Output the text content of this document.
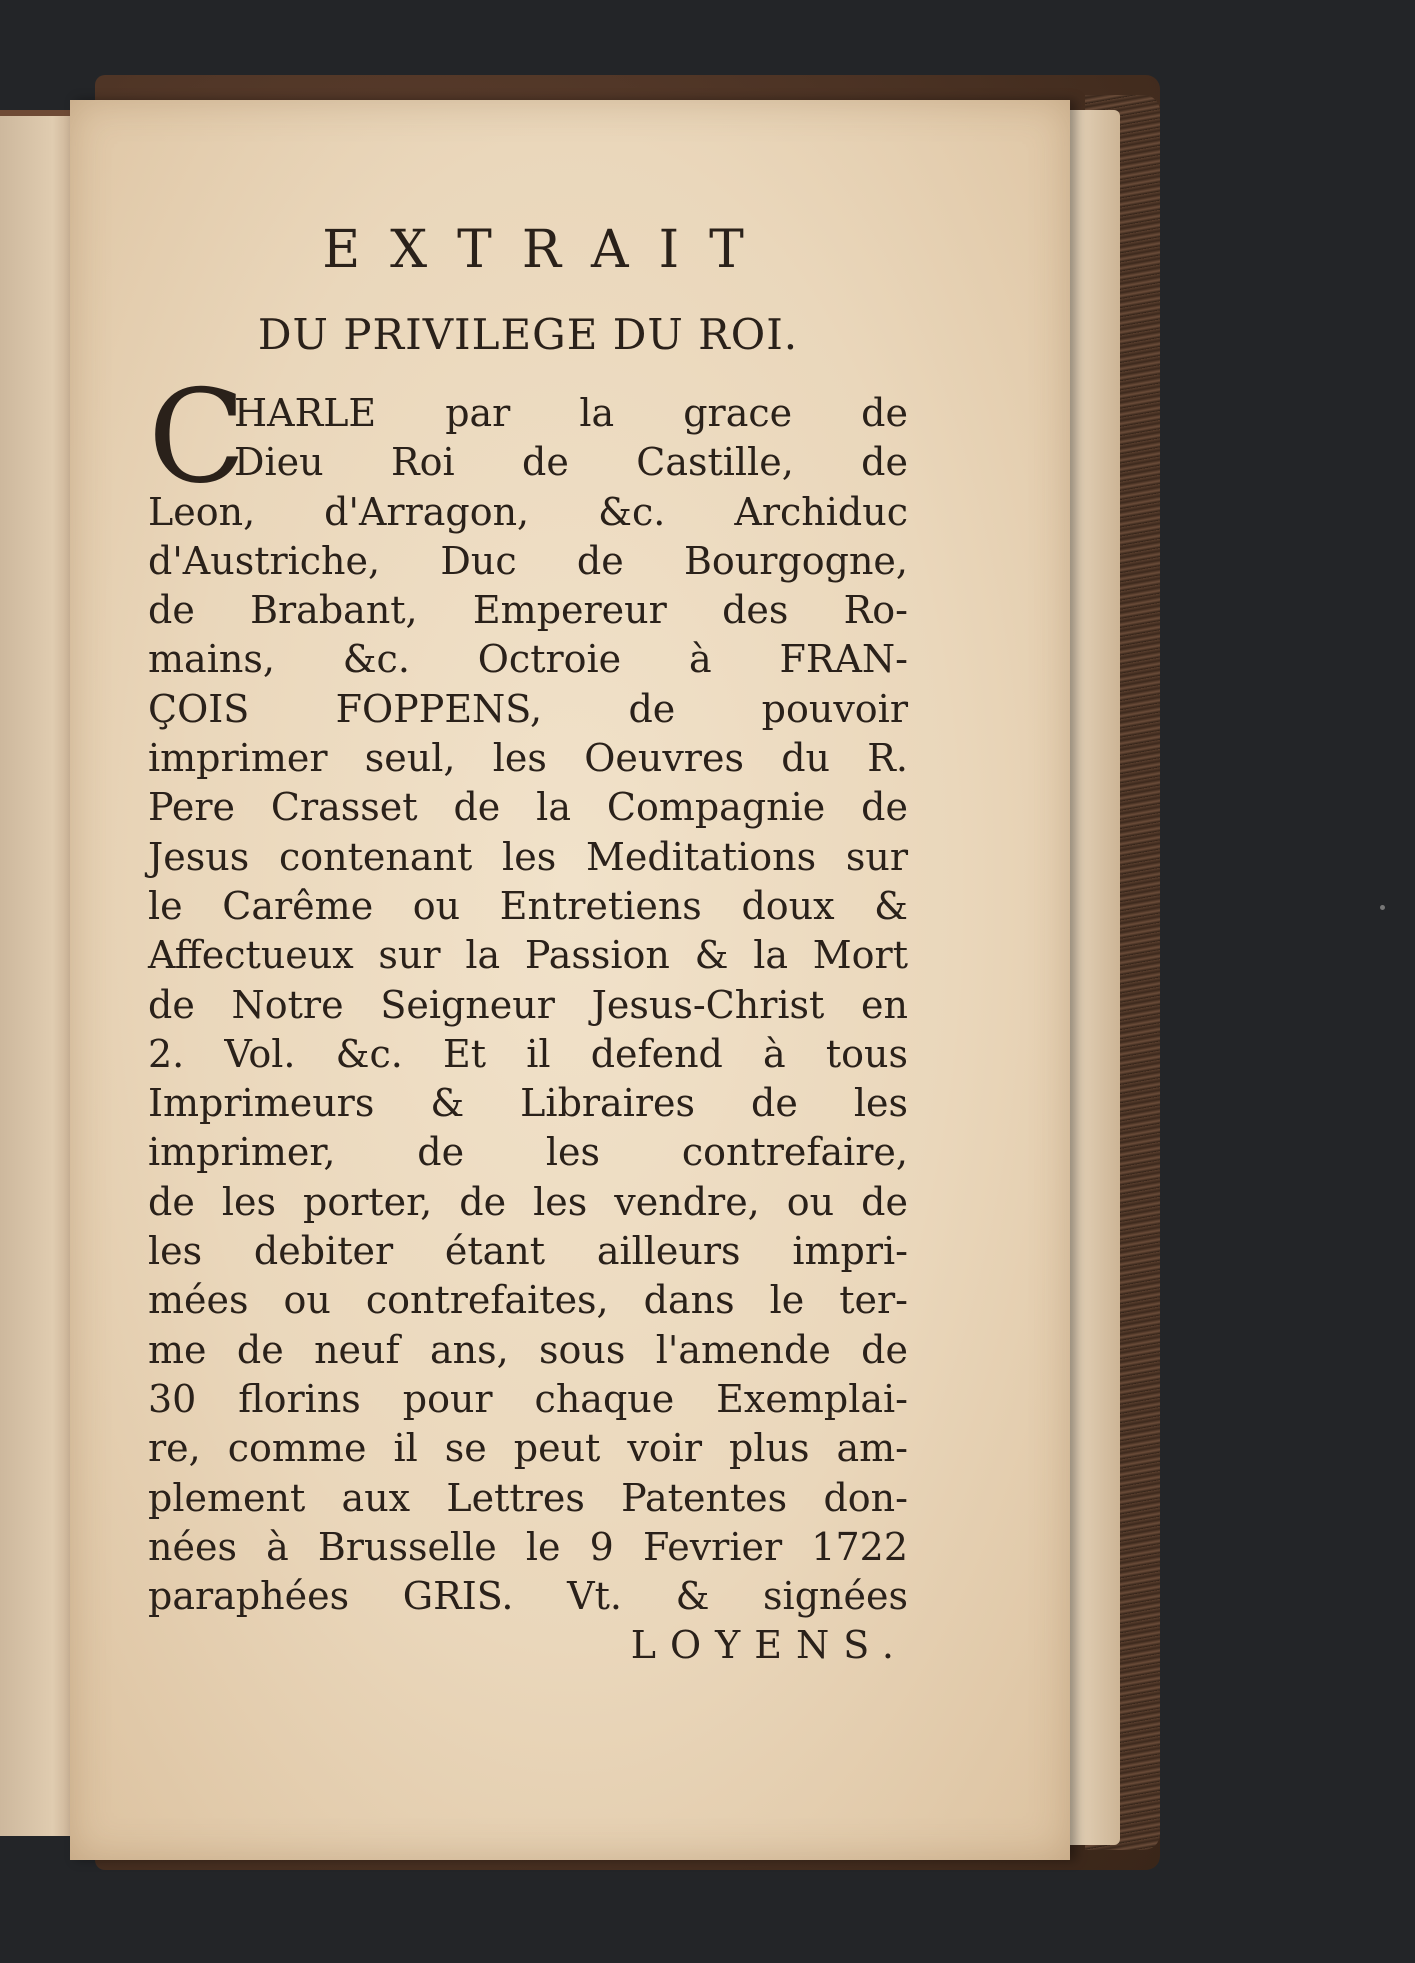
EXTRAIT
DU PRIVILEGE DU ROI.
C
HARLE par la grace de
Dieu Roi de Castille, de
Leon, d'Arragon, &c. Archiduc
d'Austriche, Duc de Bourgogne,
de Brabant, Empereur des Ro-
mains, &c. Octroie à FRAN-
ÇOIS FOPPENS, de pouvoir
imprimer seul, les Oeuvres du R.
Pere Crasset de la Compagnie de
Jesus contenant les Meditations sur
le Carême ou Entretiens doux &
Affectueux sur la Passion & la Mort
de Notre Seigneur Jesus-Christ en
2. Vol. &c. Et il defend à tous
Imprimeurs & Libraires de les
imprimer, de les contrefaire,
de les porter, de les vendre, ou de
les debiter étant ailleurs impri-
mées ou contrefaites, dans le ter-
me de neuf ans, sous l'amende de
30 florins pour chaque Exemplai-
re, comme il se peut voir plus am-
plement aux Lettres Patentes don-
nées à Brusselle le 9 Fevrier 1722
paraphées GRIS. Vt. & signées
LOYENS.
